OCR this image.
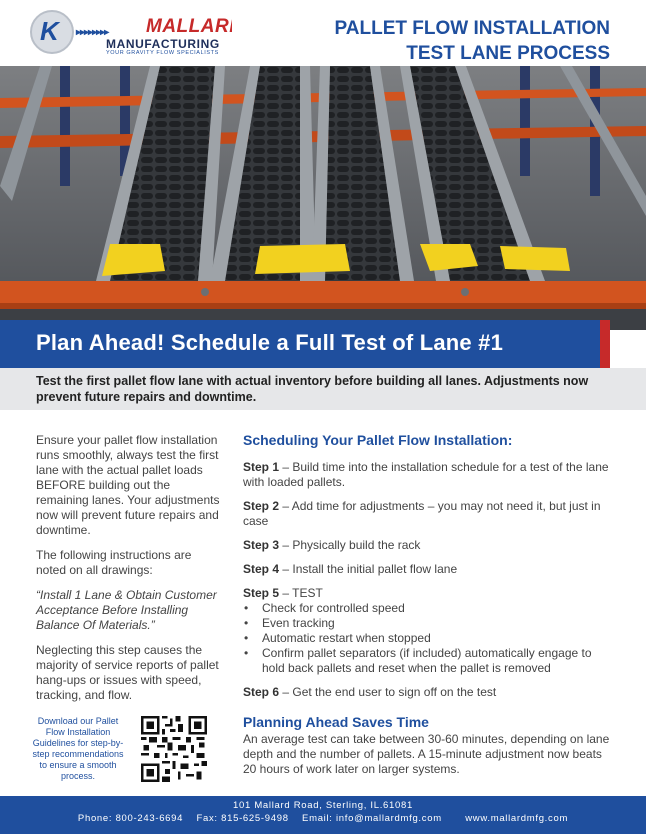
K ▸▸▸▸▸▸▸▸ MALLARD
MANUFACTURING
YOUR GRAVITY FLOW SPECIALISTS
PALLET FLOW INSTALLATION
TEST LANE PROCESS
Plan Ahead! Schedule a Full Test of Lane #1
Test the first pallet flow lane with actual inventory before building all lanes. Adjustments now prevent future repairs and downtime.

Ensure your pallet flow installation runs smoothly, always test the first lane with the actual pallet loads BEFORE building out the remaining lanes. Your adjustments now will prevent future repairs and downtime.

The following instructions are noted on all drawings:

“Install 1 Lane & Obtain Customer Acceptance Before Installing Balance Of Materials.”

Neglecting this step causes the majority of service reports of pallet hang-ups or issues with speed, tracking, and flow.

Download our Pallet Flow Installation Guidelines for step-by-step recommendations to ensure a smooth process.
Scheduling Your Pallet Flow Installation:
Step 1 – Build time into the installation schedule for a test of the lane with loaded pallets.
Step 2 – Add time for adjustments – you may not need it, but just in case
Step 3 – Physically build the rack
Step 4 – Install the initial pallet flow lane
Step 5 – TEST
• Check for controlled speed
• Even tracking
• Automatic restart when stopped
• Confirm pallet separators (if included) automatically engage to hold back pallets and reset when the pallet is removed
Step 6 – Get the end user to sign off on the test
Planning Ahead Saves Time
An average test can take between 30-60 minutes, depending on lane depth and the number of pallets. A 15-minute adjustment now beats 20 hours of work later on larger systems.
101 Mallard Road, Sterling, IL.61081
Phone: 800-243-6694 Fax: 815-625-9498 Email: info@mallardmfg.com www.mallardmfg.com
